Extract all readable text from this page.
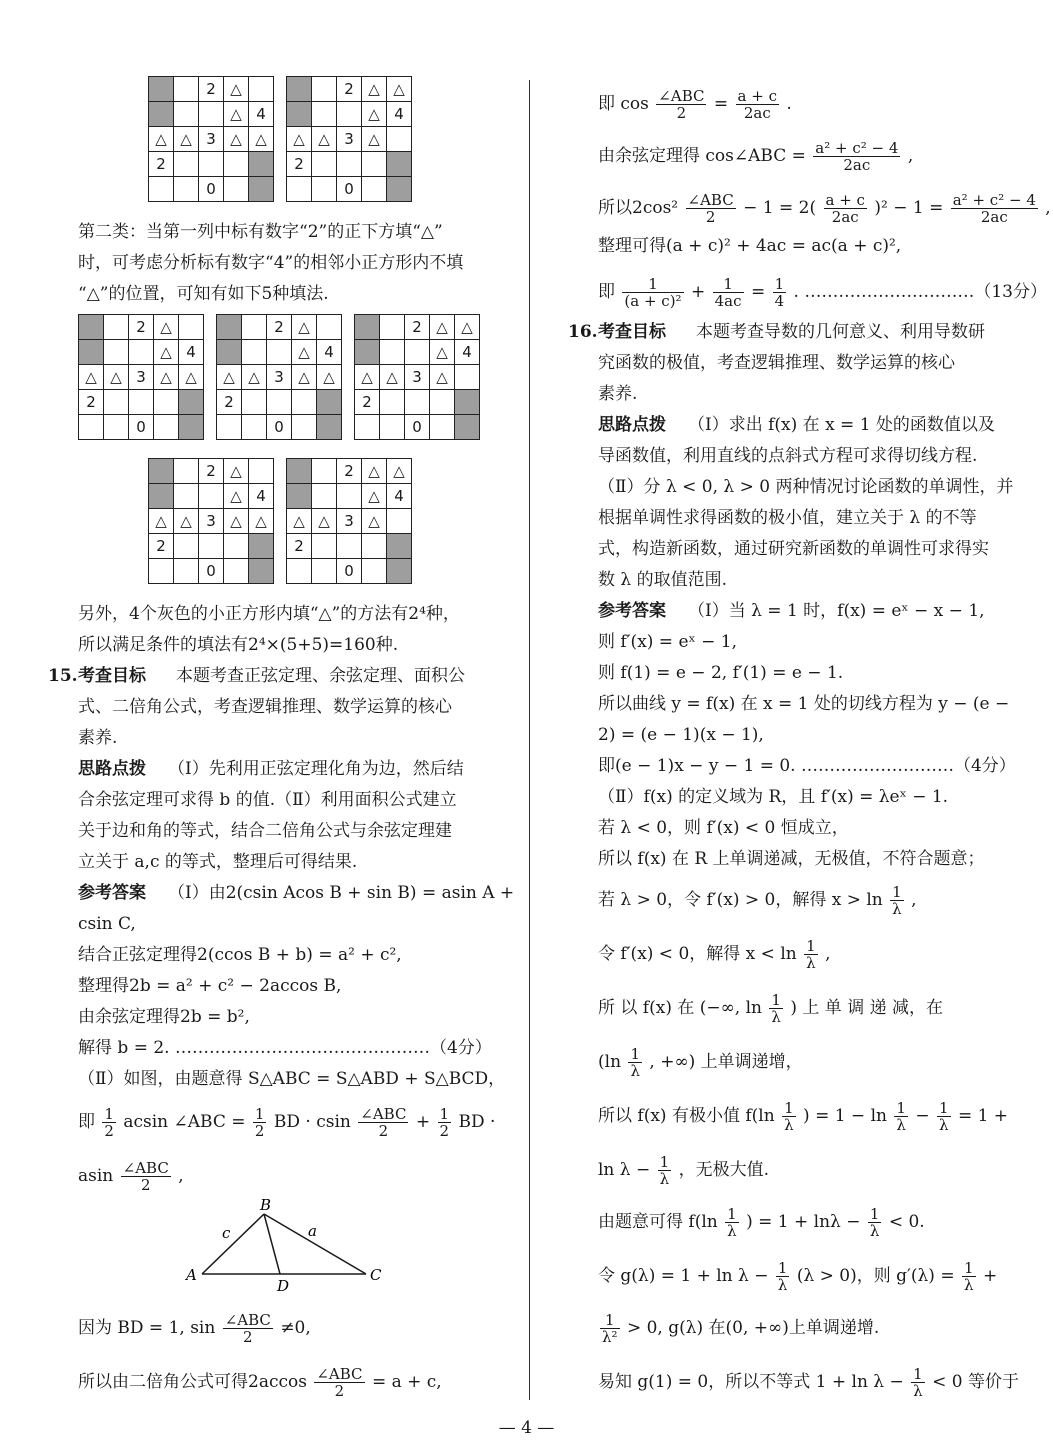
		2	△	
			△	4
△	△	3	△	△
2				
		0		
		2	△	△
			△	4
△	△	3	△	
2				
		0		
第二类：当第一列中标有数字“2”的正下方填“△”
时，可考虑分析标有数字“4”的相邻小正方形内不填
“△”的位置，可知有如下5种填法.
		2	△	
			△	4
△	△	3	△	△
2				
		0		
		2	△	
			△	4
△	△	3	△	△
2				
		0		
		2	△	△
			△	4
△	△	3	△	
2				
		0		
		2	△	
			△	4
△	△	3	△	△
2				
		0		
		2	△	△
			△	4
△	△	3	△	
2				
		0		
另外，4个灰色的小正方形内填“△”的方法有2⁴种，
所以满足条件的填法有2⁴×(5+5)=160种.
15. 考查目标 本题考查正弦定理、余弦定理、面积公
式、二倍角公式，考查逻辑推理、数学运算的核心
素养.
思路点拨 （Ⅰ）先利用正弦定理化角为边，然后结
合余弦定理可求得 b 的值.（Ⅱ）利用面积公式建立
关于边和角的等式，结合二倍角公式与余弦定理建
立关于 a,c 的等式，整理后可得结果.
参考答案 （Ⅰ）由2(csin Acos B + sin B) = asin A +
csin C,
结合正弦定理得2(ccos B + b) = a² + c²,
整理得2b = a² + c² − 2accos B,
由余弦定理得2b = b²,
解得 b = 2. ………………………………………（4分）
（Ⅱ）如图，由题意得 S△ABC = S△ABD + S△BCD，
即 $\frac{1}{2}$ acsin ∠ABC = $\frac{1}{2}$ BD · csin $\frac{\text{∠ABC}}{2} + \frac{1}{2}$ BD ·
asin $\frac{\text{∠ABC}}{2}$ ,
B
A	C
D
a
c
因为 BD = 1, $\sin \frac{\text{∠ABC}}{2} \ne 0$,
所以由二倍角公式可得$2accos \frac{\text{∠ABC}}{2} = a + c$,
即 $\cos \frac{\text{∠ABC}}{2} = \frac{a + c}{2ac}$ .
由余弦定理得 cos∠ABC = $\frac{\text{a² + c² − 4}}{2ac}$ ,
所以$2\cos^2 \frac{\text{∠ABC}}{2} - 1 = 2( \frac{a + c}{2ac} )^2 - 1 = \frac{\text{a² + c² − 4}}{2ac}$ ,
整理可得(a + c)² + 4ac = ac(a + c)²,
即 $\frac{1}{\text{(a + c)²}} + \frac{1}{4ac} = \frac{1}{4}$ . …………………………（13分）
16. 考查目标 本题考查导数的几何意义、利用导数研
究函数的极值，考查逻辑推理、数学运算的核心
素养.
思路点拨 （Ⅰ）求出 f(x) 在 x = 1 处的函数值以及
导函数值，利用直线的点斜式方程可求得切线方程.
（Ⅱ）分 λ < 0, λ > 0 两种情况讨论函数的单调性，并
根据单调性求得函数的极小值，建立关于 λ 的不等
式，构造新函数，通过研究新函数的单调性可求得实
数 λ 的取值范围.
参考答案 （Ⅰ）当 λ = 1 时，f(x) = eˣ − x − 1,
则 f′(x) = eˣ − 1,
则 f(1) = e − 2, f′(1) = e − 1.
所以曲线 y = f(x) 在 x = 1 处的切线方程为 y − (e −
2) = (e − 1)(x − 1),
即(e − 1)x − y − 1 = 0. ………………………（4分）
（Ⅱ）f(x) 的定义域为 R，且 f′(x) = λeˣ − 1.
若 λ < 0，则 f′(x) < 0 恒成立，
所以 f(x) 在 R 上单调递减，无极值，不符合题意；
若 λ > 0，令 f′(x) > 0，解得 $x > \ln \frac{1}{\lambda}$ ,
令 f′(x) < 0，解得 $x < \ln \frac{1}{\lambda}$ ,
所 以 f(x) 在 (−∞, $\ln \frac{1}{\lambda}$ ) 上 单 调 递 减，在
($\ln \frac{1}{\lambda}$ , +∞) 上单调递增，
所以 f(x) 有极小值 $f(\ln \frac{1}{\lambda}$ ) = $1 - \ln \frac{1}{\lambda} - \frac{1}{\lambda} = 1$ +
$\ln \lambda - \frac{1}{\lambda}$ ，无极大值.
由题意可得 $f(\ln \frac{1}{\lambda}$ ) = $1 + \ln\lambda - \frac{1}{\lambda} < 0$.
令 $g(\lambda) = 1 + \ln \lambda - \frac{1}{\lambda} (\lambda > 0)$，则 $g'(\lambda) = \frac{1}{\lambda}$ +
$\frac{1}{\text{λ²}} > 0$, g(λ) 在(0, +∞)上单调递增.
易知 g(1) = 0，所以不等式 $1 + \ln \lambda - \frac{1}{\lambda} < 0$ 等价于
— 4 —
